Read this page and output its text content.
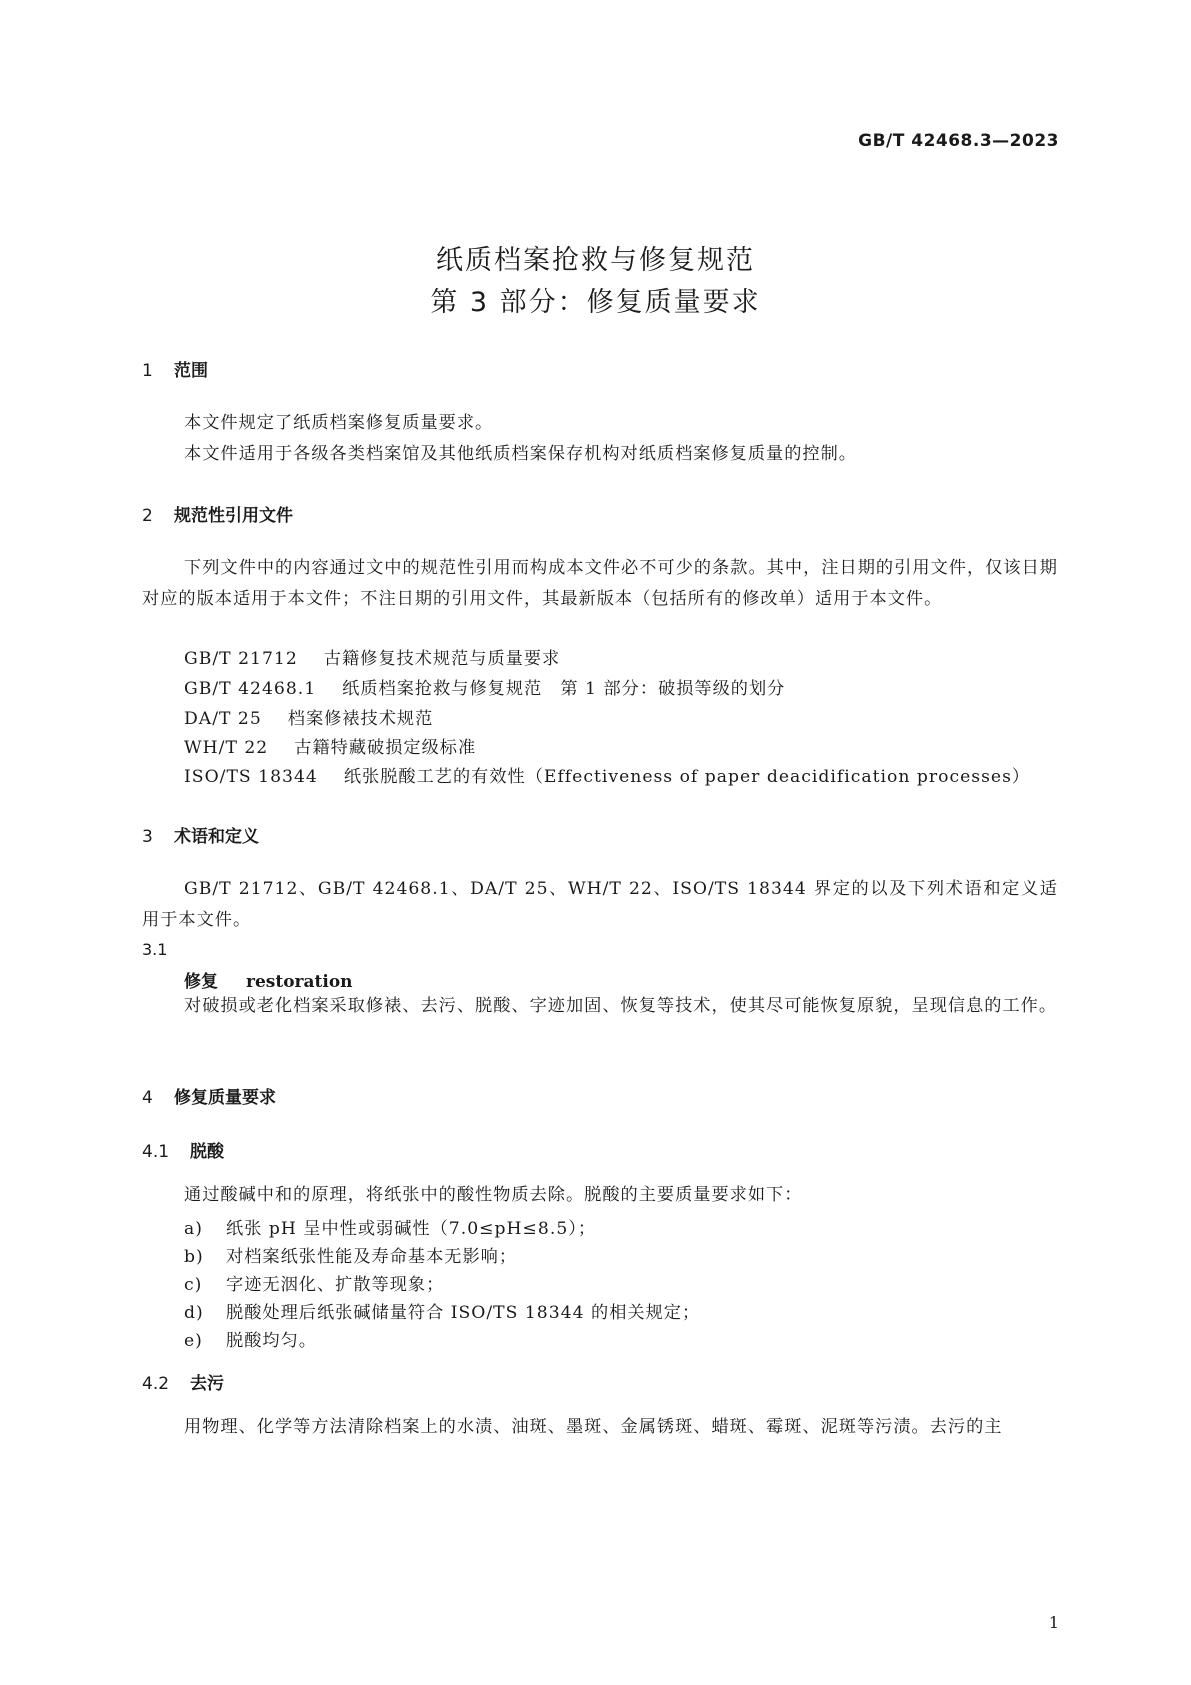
GB/T 42468.3—2023
纸质档案抢救与修复规范
第 3 部分：修复质量要求
1 范围
本文件规定了纸质档案修复质量要求。
本文件适用于各级各类档案馆及其他纸质档案保存机构对纸质档案修复质量的控制。
2 规范性引用文件
下列文件中的内容通过文中的规范性引用而构成本文件必不可少的条款。其中，注日期的引用文件，仅该日期对应的版本适用于本文件；不注日期的引用文件，其最新版本（包括所有的修改单）适用于本文件。
GB/T 21712 古籍修复技术规范与质量要求
GB/T 42468.1 纸质档案抢救与修复规范　第 1 部分：破损等级的划分
DA/T 25 档案修裱技术规范
WH/T 22 古籍特藏破损定级标准
ISO/TS 18344 纸张脱酸工艺的有效性（Effectiveness of paper deacidification processes）
3 术语和定义
GB/T 21712、GB/T 42468.1、DA/T 25、WH/T 22、ISO/TS 18344 界定的以及下列术语和定义适用于本文件。
3.1
修复 restoration
对破损或老化档案采取修裱、去污、脱酸、字迹加固、恢复等技术，使其尽可能恢复原貌，呈现信息的工作。
4 修复质量要求
4.1 脱酸
通过酸碱中和的原理，将纸张中的酸性物质去除。脱酸的主要质量要求如下：
a) 纸张 pH 呈中性或弱碱性（7.0≤pH≤8.5）；
b) 对档案纸张性能及寿命基本无影响；
c) 字迹无洇化、扩散等现象；
d) 脱酸处理后纸张碱储量符合 ISO/TS 18344 的相关规定；
e) 脱酸均匀。
4.2 去污
用物理、化学等方法清除档案上的水渍、油斑、墨斑、金属锈斑、蜡斑、霉斑、泥斑等污渍。去污的主
1
